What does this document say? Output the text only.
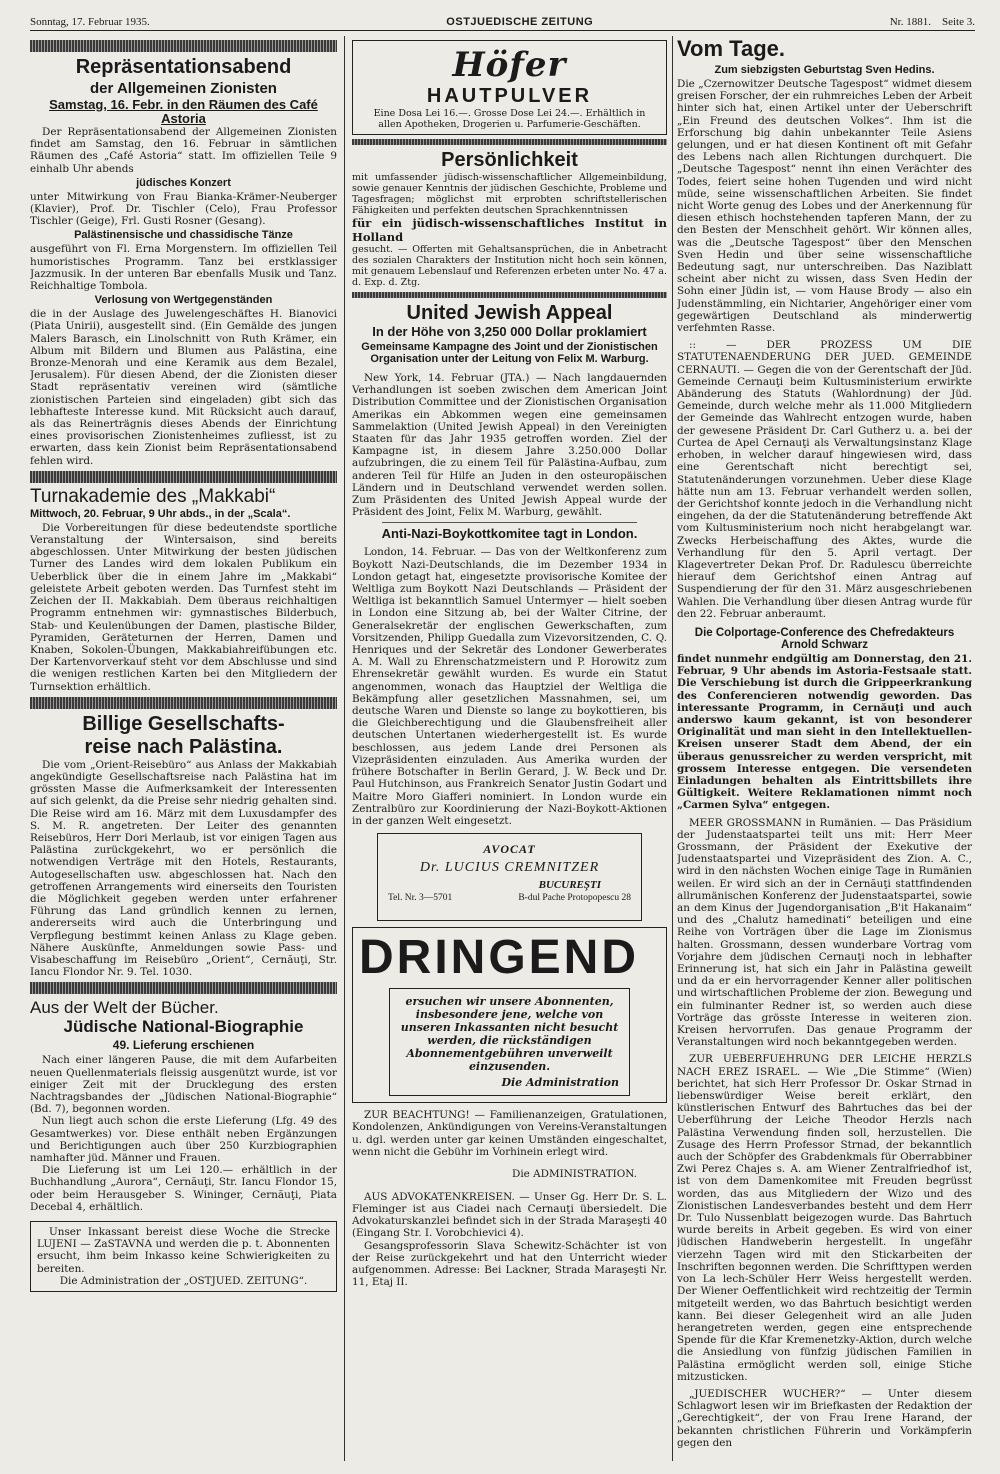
Sonntag, 17. Februar 1935.	OSTJUEDISCHE ZEITUNG	Nr. 1881. Seite 3.
Repräsentationsabend
der Allgemeinen Zionisten
Samstag, 16. Febr. in den Räumen des Café Astoria

Der Repräsentationsabend der Allgemeinen Zionisten findet am Samstag, den 16. Februar in sämtlichen Räumen des „Café Astoria“ statt. Im offiziellen Teile 9 einhalb Uhr abends

jüdisches Konzert

unter Mitwirkung von Frau Bianka-Krämer-Neuberger (Klavier), Prof. Dr. Tischler (Celo), Frau Professor Tischler (Geige), Frl. Gusti Rosner (Gesang).

Palästinensische und chassidische Tänze

ausgeführt von Fl. Erna Morgenstern. Im offiziellen Teil humoristisches Programm. Tanz bei erstklassiger Jazzmusik. In der unteren Bar ebenfalls Musik und Tanz. Reichhaltige Tombola.

Verlosung von Wertgegenständen

die in der Auslage des Juwelengeschäftes H. Bianovici (Piata Unirii), ausgestellt sind. (Ein Gemälde des jungen Malers Barasch, ein Linolschnitt von Ruth Krämer, ein Album mit Bildern und Blumen aus Palästina, eine Bronze-Menorah und eine Keramik aus dem Bezalel, Jerusalem). Für diesen Abend, der die Zionisten dieser Stadt repräsentativ vereinen wird (sämtliche zionistischen Parteien sind eingeladen) gibt sich das lebhafteste Interesse kund. Mit Rücksicht auch darauf, als das Reinerträgnis dieses Abends der Einrichtung eines provisorischen Zionistenheimes zufliesst, ist zu erwarten, dass kein Zionist beim Repräsentationsabend fehlen wird.

Turnakademie des „Makkabi“
Mittwoch, 20. Februar, 9 Uhr abds., in der „Scala“.

Die Vorbereitungen für diese bedeutendste sportliche Veranstaltung der Wintersaison, sind bereits abgeschlossen. Unter Mitwirkung der besten jüdischen Turner des Landes wird dem lokalen Publikum ein Ueberblick über die in einem Jahre im „Makkabi“ geleistete Arbeit geboten werden. Das Turnfest steht im Zeichen der II. Makkabiah. Dem überaus reichhaltigen Programm entnehmen wir: gymnastisches Bilderbuch, Stab- und Keulenübungen der Damen, plastische Bilder, Pyramiden, Geräteturnen der Herren, Damen und Knaben, Sokolen-Übungen, Makkabiahreifübungen etc. Der Kartenvorverkauf steht vor dem Abschlusse und sind die wenigen restlichen Karten bei den Mitgliedern der Turnsektion erhältlich.

Billige Gesellschafts-
reise nach Palästina.

Die vom „Orient-Reisebüro“ aus Anlass der Makkabiah angekündigte Gesellschaftsreise nach Palästina hat im grössten Masse die Aufmerksamkeit der Interessenten auf sich gelenkt, da die Preise sehr niedrig gehalten sind. Die Reise wird am 16. März mit dem Luxusdampfer des S. M. R. angetreten. Der Leiter des genannten Reisebüros, Herr Dori Merlaub, ist vor einigen Tagen aus Palästina zurückgekehrt, wo er persönlich die notwendigen Verträge mit den Hotels, Restaurants, Autogesellschaften usw. abgeschlossen hat. Nach den getroffenen Arrangements wird einerseits den Touristen die Möglichkeit gegeben werden unter erfahrener Führung das Land gründlich kennen zu lernen, andererseits wird auch die Unterbringung und Verpflegung bestimmt keinen Anlass zu Klage geben. Nähere Auskünfte, Anmeldungen sowie Pass- und Visabeschaffung im Reisebüro „Orient“, Cernăuţi, Str. Iancu Flondor Nr. 9. Tel. 1030.

Aus der Welt der Bücher.
Jüdische National-Biographie
49. Lieferung erschienen

Nach einer längeren Pause, die mit dem Aufarbeiten neuen Quellenmaterials fleissig ausgenützt wurde, ist vor einiger Zeit mit der Drucklegung des ersten Nachtragsbandes der „Jüdischen National-Biographie“ (Bd. 7), begonnen worden.

Nun liegt auch schon die erste Lieferung (Lfg. 49 des Gesamtwerkes) vor. Diese enthält neben Ergänzungen und Berichtigungen auch über 250 Kurzbiographien namhafter jüd. Männer und Frauen.

Die Lieferung ist um Lei 120.— erhältlich in der Buchhandlung „Aurora“, Cernăuţi, Str. Iancu Flondor 15, oder beim Herausgeber S. Wininger, Cernăuţi, Piata Decebal 4, erhältlich.

Unser Inkassant bereist diese Woche die Strecke LUJENI — ZaSTAVNA und werden die p. t. Abonnenten ersucht, ihm beim Inkasso keine Schwierigkeiten zu bereiten.

Die Administration der „OSTJUED. ZEITUNG“.

Höfer
HAUTPULVER

Eine Dosa Lei 16.—. Grosse Dose Lei 24.—. Erhältlich in allen Apotheken, Drogerien u. Parfumerie-Geschäften.

Persönlichkeit

mit umfassender jüdisch-wissenschaftlicher Allgemeinbildung, sowie genauer Kenntnis der jüdischen Geschichte, Probleme und Tagesfragen; möglichst mit erprobten schriftstellerischen Fähigkeiten und perfekten deutschen Sprachkenntnissen

für ein jüdisch-wissenschaftliches Institut in Holland

gesucht. — Offerten mit Gehaltsansprüchen, die in Anbetracht des sozialen Charakters der Institution nicht hoch sein können, mit genauem Lebenslauf und Referenzen erbeten unter No. 47 a. d. Exp. d. Ztg.

United Jewish Appeal
In der Höhe von 3,250 000 Dollar proklamiert
Gemeinsame Kampagne des Joint und der Zionistischen Organisation unter der Leitung von Felix M. Warburg.

New York, 14. Februar (JTA.) — Nach langdauernden Verhandlungen ist soeben zwischen dem American Joint Distribution Committee und der Zionistischen Organisation Amerikas ein Abkommen wegen eine gemeinsamen Sammelaktion (United Jewish Appeal) in den Vereinigten Staaten für das Jahr 1935 getroffen worden. Ziel der Kampagne ist, in diesem Jahre 3.250.000 Dollar aufzubringen, die zu einem Teil für Palästina-Aufbau, zum anderen Teil für Hilfe an Juden in den osteuropäischen Ländern und in Deutschland verwendet werden sollen. Zum Präsidenten des United Jewish Appeal wurde der Präsident des Joint, Felix M. Warburg, gewählt.

Anti-Nazi-Boykottkomitee tagt in London.

London, 14. Februar. — Das von der Weltkonferenz zum Boykott Nazi-Deutschlands, die im Dezember 1934 in London getagt hat, eingesetzte provisorische Komitee der Weltliga zum Boykott Nazi Deutschlands — Präsident der Weltliga ist bekanntlich Samuel Untermyer — hielt soeben in London eine Sitzung ab, bei der Walter Citrine, der Generalsekretär der englischen Gewerkschaften, zum Vorsitzenden, Philipp Guedalla zum Vizevorsitzenden, C. Q. Henriques und der Sekretär des Londoner Gewerberates A. M. Wall zu Ehrenschatzmeistern und P. Horowitz zum Ehrensekretär gewählt wurden. Es wurde ein Statut angenommen, wonach das Hauptziel der Weltliga die Bekämpfung aller gesetzlichen Massnahmen, sei, um deutsche Waren und Dienste so lange zu boykottieren, bis die Gleichberechtigung und die Glaubensfreiheit aller deutschen Untertanen wiederhergestellt ist. Es wurde beschlossen, aus jedem Lande drei Personen als Vizepräsidenten einzuladen. Aus Amerika wurden der frühere Botschafter in Berlin Gerard, J. W. Beck und Dr. Paul Hutchinson, aus Frankreich Senator Justin Godart und Maitre Moro Giafferi nominiert. In London wurde ein Zentralbüro zur Koordinierung der Nazi-Boykott-Aktionen in der ganzen Welt eingesetzt.

AVOCAT
Dr. LUCIUS CREMNITZER
BUCUREŞTI
Tel. Nr. 3—5701	B-dul Pache Protopopescu 28
DRINGEND
ersuchen wir unsere Abonnenten, insbesondere jene, welche von unseren Inkassanten nicht besucht werden, die rückständigen Abonnementgebühren unverweilt einzusenden.
Die Administration

ZUR BEACHTUNG! — Familienanzeigen, Gratulationen, Kondolenzen, Ankündigungen von Vereins-Veranstaltungen u. dgl. werden unter gar keinen Umständen eingeschaltet, wenn nicht die Gebühr im Vorhinein erlegt wird.

Die ADMINISTRATION.

AUS ADVOKATENKREISEN. — Unser Gg. Herr Dr. S. L. Fleminger ist aus Ciadei nach Cernauţi übersiedelt. Die Advokaturskanzlei befindet sich in der Strada Maraşeşti 40 (Eingang Str. I. Vorobchievici 4).

Gesangsprofessorin Slava Schewitz-Schächter ist von der Reise zurückgekehrt und hat den Unterricht wieder aufgenommen. Adresse: Bei Lackner, Strada Maraşeşti Nr. 11, Etaj II.

Vom Tage.
Zum siebzigsten Geburtstag Sven Hedins.

Die „Czernowitzer Deutsche Tagespost“ widmet diesem greisen Forscher, der ein ruhmreiches Leben der Arbeit hinter sich hat, einen Artikel unter der Ueberschrift „Ein Freund des deutschen Volkes“. Ihm ist die Erforschung big dahin unbekannter Teile Asiens gelungen, und er hat diesen Kontinent oft mit Gefahr des Lebens nach allen Richtungen durchquert. Die „Deutsche Tagespost“ nennt ihn einen Verächter des Todes, feiert seine hohen Tugenden und wird nicht müde, seine wissenschaftlichen Arbeiten. Sie findet nicht Worte genug des Lobes und der Anerkennung für diesen ethisch hochstehenden tapferen Mann, der zu den Besten der Menschheit gehört. Wir können alles, was die „Deutsche Tagespost“ über den Menschen Sven Hedin und über seine wissenschaftliche Bedeutung sagt, nur unterschreiben. Das Naziblatt scheint aber nicht zu wissen, dass Sven Hedin der Sohn einer Jüdin ist, — vom Hause Brody — also ein Judenstämmling, ein Nichtarier, Angehöriger einer vom gegewärtigen Deutschland als minderwertig verfehmten Rasse.

:: — DER PROZESS UM DIE STATUTENAENDERUNG DER JUED. GEMEINDE CERNAUTI. — Gegen die von der Gerentschaft der Jüd. Gemeinde Cernauţi beim Kultusministerium erwirkte Abänderung des Statuts (Wahlordnung) der Jüd. Gemeinde, durch welche mehr als 11.000 Mitgliedern der Gemeinde das Wahlrecht entzogen wurde, haben der gewesene Präsident Dr. Carl Gutherz u. a. bei der Curtea de Apel Cernauţi als Verwaltungsinstanz Klage erhoben, in welcher darauf hingewiesen wird, dass eine Gerentschaft nicht berechtigt sei, Statutenänderungen vorzunehmen. Ueber diese Klage hätte nun am 13. Februar verhandelt werden sollen, der Gerichtshof konnte jedoch in die Verhandlung nicht eingehen, da der die Statutenänderung betreffende Akt vom Kultusministerium noch nicht herabgelangt war. Zwecks Herbeischaffung des Aktes, wurde die Verhandlung für den 5. April vertagt. Der Klagevertreter Dekan Prof. Dr. Radulescu überreichte hierauf dem Gerichtshof einen Antrag auf Suspendierung der für den 31. März ausgeschriebenen Wahlen. Die Verhandlung über diesen Antrag wurde für den 22. Februar anberaumt.

Die Colportage-Conference des Chefredakteurs Arnold Schwarz

findet nunmehr endgültig am Donnerstag, den 21. Februar, 9 Uhr abends im Astoria-Festsaale statt. Die Verschiebung ist durch die Grippeerkrankung des Conferencieren notwendig geworden. Das interessante Programm, in Cernăuţi und auch anderswo kaum gekannt, ist von besonderer Originalität und man sieht in den Intellektuellen-Kreisen unserer Stadt dem Abend, der ein überaus genussreicher zu werden verspricht, mit grossem Interesse entgegen. Die versendeten Einladungen behalten als Eintrittsbillets ihre Gültigkeit. Weitere Reklamationen nimmt noch „Carmen Sylva“ entgegen.

MEER GROSSMANN in Rumänien. — Das Präsidium der Judenstaatspartei teilt uns mit: Herr Meer Grossmann, der Präsident der Exekutive der Judenstaatspartei und Vizepräsident des Zion. A. C., wird in den nächsten Wochen einige Tage in Rumänien weilen. Er wird sich an der in Cernăuţi stattfindenden allrumänischen Konferenz der Judenstaatspartei, sowie an dem Kinus der Jugendorganisation „B'it Hakanaim“ und des „Chalutz hamedinati“ beteiligen und eine Reihe von Vorträgen über die Lage im Zionismus halten. Grossmann, dessen wunderbare Vortrag vom Vorjahre dem jüdischen Cernauţi noch in lebhafter Erinnerung ist, hat sich ein Jahr in Palästina geweilt und da er ein hervorragender Kenner aller politischen und wirtschaftlichen Probleme der zion. Bewegung und ein fulminanter Redner ist, so werden auch diese Vorträge das grösste Interesse in weiteren zion. Kreisen hervorrufen. Das genaue Programm der Veranstaltungen wird noch bekanntgegeben werden.

ZUR UEBERFUEHRUNG DER LEICHE HERZLS NACH EREZ ISRAEL. — Wie „Die Stimme“ (Wien) berichtet, hat sich Herr Professor Dr. Oskar Strnad in liebenswürdiger Weise bereit erklärt, den künstlerischen Entwurf des Bahrtuches das bei der Ueberführung der Leiche Theodor Herzls nach Palästina Verwendung finden soll, herzustellen. Die Zusage des Herrn Professor Strnad, der bekanntlich auch der Schöpfer des Grabdenkmals für Oberrabbiner Zwi Perez Chajes s. A. am Wiener Zentralfriedhof ist, ist von dem Damenkomitee mit Freuden begrüsst worden, das aus Mitgliedern der Wizo und des Zionistischen Landesverbandes besteht und dem Herr Dr. Tulo Nussenblatt beigezogen wurde. Das Bahrtuch wurde bereits in Arbeit gegeben. Es wird von einer jüdischen Handweberin hergestellt. In ungefähr vierzehn Tagen wird mit den Stickarbeiten der Inschriften begonnen werden. Die Schrifttypen werden von La lech-Schüler Herr Weiss hergestellt werden. Der Wiener Oeffentlichkeit wird rechtzeitig der Termin mitgeteilt werden, wo das Bahrtuch besichtigt werden kann. Bei dieser Gelegenheit wird an alle Juden herangetreten werden, gegen eine entsprechende Spende für die Kfar Kremenetzky-Aktion, durch welche die Ansiedlung von fünfzig jüdischen Familien in Palästina ermöglicht werden soll, einige Stiche mitzusticken.

„JUEDISCHER WUCHER?“ — Unter diesem Schlagwort lesen wir im Briefkasten der Redaktion der „Gerechtigkeit“, der von Frau Irene Harand, der bekannten christlichen Führerin und Vorkämpferin gegen den
